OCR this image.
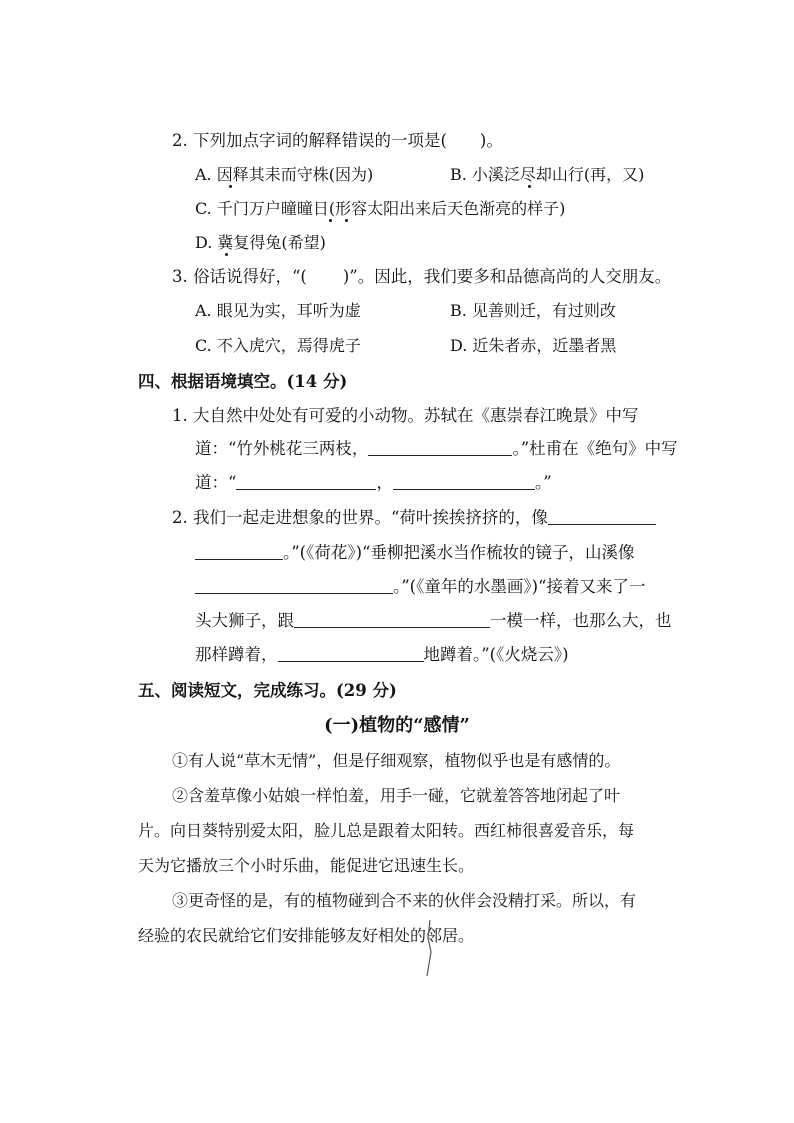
2. 下列加点字词的解释错误的一项是(　　)。
A. 因释其耒而守株(因为)	B. 小溪泛尽却山行(再，又)
C. 千门万户曈曈日(形容太阳出来后天色渐亮的样子)
D. 冀复得兔(希望)
3. 俗话说得好，“( )”。因此，我们要多和品德高尚的人交朋友。
A. 眼见为实，耳听为虚	B. 见善则迁，有过则改
C. 不入虎穴，焉得虎子	D. 近朱者赤，近墨者黑
四、根据语境填空。(14 分)
1. 大自然中处处有可爱的小动物。苏轼在《惠崇春江晚景》中写
道：“竹外桃花三两枝，	。”杜甫在《绝句》中写
道：“	，	。”
2. 我们一起走进想象的世界。“荷叶挨挨挤挤的，像
。”(《荷花》)“垂柳把溪水当作梳妆的镜子，山溪像
。”(《童年的水墨画》)“接着又来了一
头大狮子，跟	一模一样，也那么大，也
那样蹲着，	地蹲着。”(《火烧云》)
五、阅读短文，完成练习。(29 分)
(一)植物的“感情”
①有人说“草木无情”，但是仔细观察，植物似乎也是有感情的。
②含羞草像小姑娘一样怕羞，用手一碰，它就羞答答地闭起了叶
片。向日葵特别爱太阳，脸儿总是跟着太阳转。西红柿很喜爱音乐，每
天为它播放三个小时乐曲，能促进它迅速生长。
③更奇怪的是，有的植物碰到合不来的伙伴会没精打采。所以，有
经验的农民就给它们安排能够友好相处的邻居。
